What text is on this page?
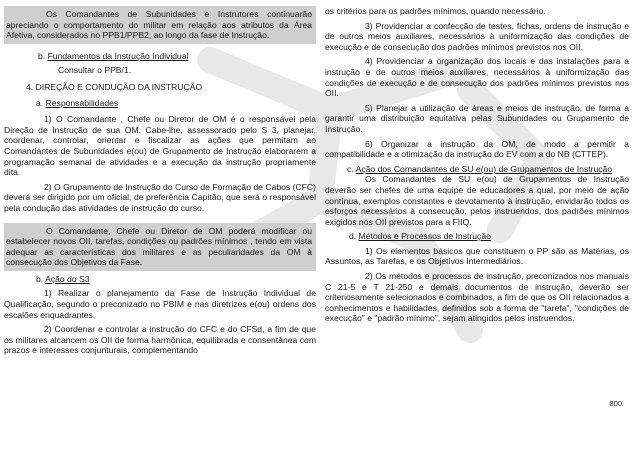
Os Comandantes de Subunidades e Instrutores continuarão apreciando o comportamento do militar em relação aos atributos da Área Afetiva, considerados no PPB1/PPB2, ao longo da fase de Instrução.

b. Fundamentos da Instrução Individual

Consultar o PPB/1.

4. DIREÇÃO E CONDUÇÃO DA INSTRUÇÃO

a. Responsabilidades

1) O Comandante , Chefe ou Diretor de OM é o responsável pela Direção de Instrução de sua OM. Cabe-lhe, assessorado pelo S 3, planejar, coordenar, controlar, orientar e fiscalizar as ações que permitam ao Comandantes de Subunidades e(ou) de Grupamento de Instrução elaborarem a programação semanal de atividades e a execução da instrução propriamente dita.

2) O Grupamento de Instrução do Curso de Formação de Cabos (CFC) deverá ser dirigido por um oficial, de preferência Capitão, que será o responsável pela condução das atividades de instrução do curso.

O Comandante, Chefe ou Diretor de OM poderá modificar ou estabelecer novos OII, tarefas, condições ou padrões mínimos , tendo em vista adequar as características dos militares e as peculiaridades da OM à consecução dos Objetivos da Fase.

b. Ação do S3

1) Realizar o planejamento da Fase de Instrução Individual de Qualificação, segundo o preconizado no PBIM e nas diretrizes e(ou) ordens dos escalões enquadrantes.

2) Coordenar e controlar a instrução do CFC e do CFSd, a fim de que os militares alcancem os OII de forma harmônica, equilibrada e consentânea com prazos e interesses conjunturais, complementando

os critérios para os padrões mínimos, quando necessário.

3) Providenciar a confecção de testes, fichas, ordens de instrução e de outros meios auxiliares, necessários à uniformização das condições de execução e de consecução dos padrões mínimos previstos nos OII.

4) Providenciar a organização dos locais e das instalações para a instrução e de outros meios auxiliares, necessários à uniformização das condições de execução e de consecução dos padrões mínimos previstos nos OII.

5) Planejar a utilização de áreas e meios de instrução, de forma a garantir uma distribuição equitativa pelas Subunidades ou Grupamento de Instrução.

6) Organizar a instrução da OM, de modo a permitir a compatibilidade e a otimização da instrução do EV com a do NB (CTTEP).

c. Ação dos Comandantes de SU e(ou) de Grupamentos de Instrução

Os Comandantes de SU e(ou) de Grupamentos de Instrução deverão ser chefes de uma equipe de educadores a qual, por meio de ação contínua, exemplos constantes e devotamento à instrução, envidarão todos os esforços necessários à consecução, pelos instruendos, dos padrões mínimos exigidos nos OII previstos para a FIIQ.

d. Métodos e Processos de Instrução

1) Os elementos básicos que constituem o PP são as Matérias, os Assuntos, as Tarefas, e os Objetivos Intermediários.

2) Os métodos e processos de instrução, preconizados nos manuais C 21-5 e T 21-250 e demais documentos de instrução, deverão ser criteriosamente selecionados e combinados, a fim de que os OII relacionados a conhecimentos e habilidades, definidos sob a forma de "tarefa", "condições de execução" e "padrão mínimo", sejam atingidos pelos instruendos.

800
